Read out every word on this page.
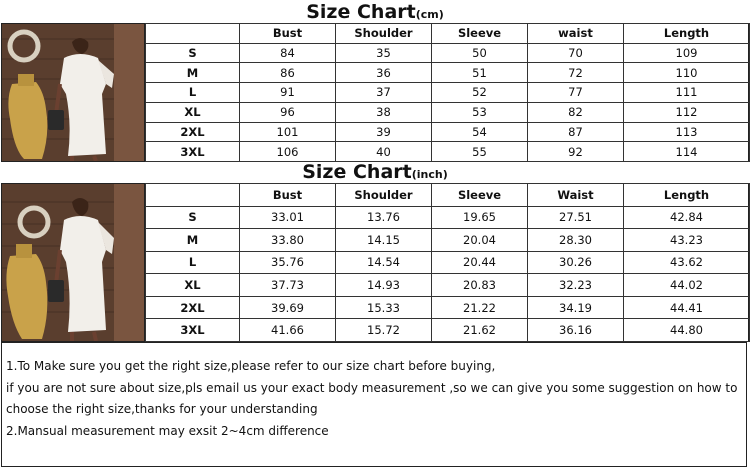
Size Chart(cm)
	Bust	Shoulder	Sleeve	waist	Length
S	84	35	50	70	109
M	86	36	51	72	110
L	91	37	52	77	111
XL	96	38	53	82	112
2XL	101	39	54	87	113
3XL	106	40	55	92	114
Size Chart(inch)
	Bust	Shoulder	Sleeve	Waist	Length
S	33.01	13.76	19.65	27.51	42.84
M	33.80	14.15	20.04	28.30	43.23
L	35.76	14.54	20.44	30.26	43.62
XL	37.73	14.93	20.83	32.23	44.02
2XL	39.69	15.33	21.22	34.19	44.41
3XL	41.66	15.72	21.62	36.16	44.80

1.To Make sure you get the right size,please refer to our size chart before buying,

if you are not sure about size,pls email us your exact body measurement ,so we can give you some suggestion on how to

choose the right size,thanks for your understanding

2.Mansual measurement may exsit 2~4cm difference
